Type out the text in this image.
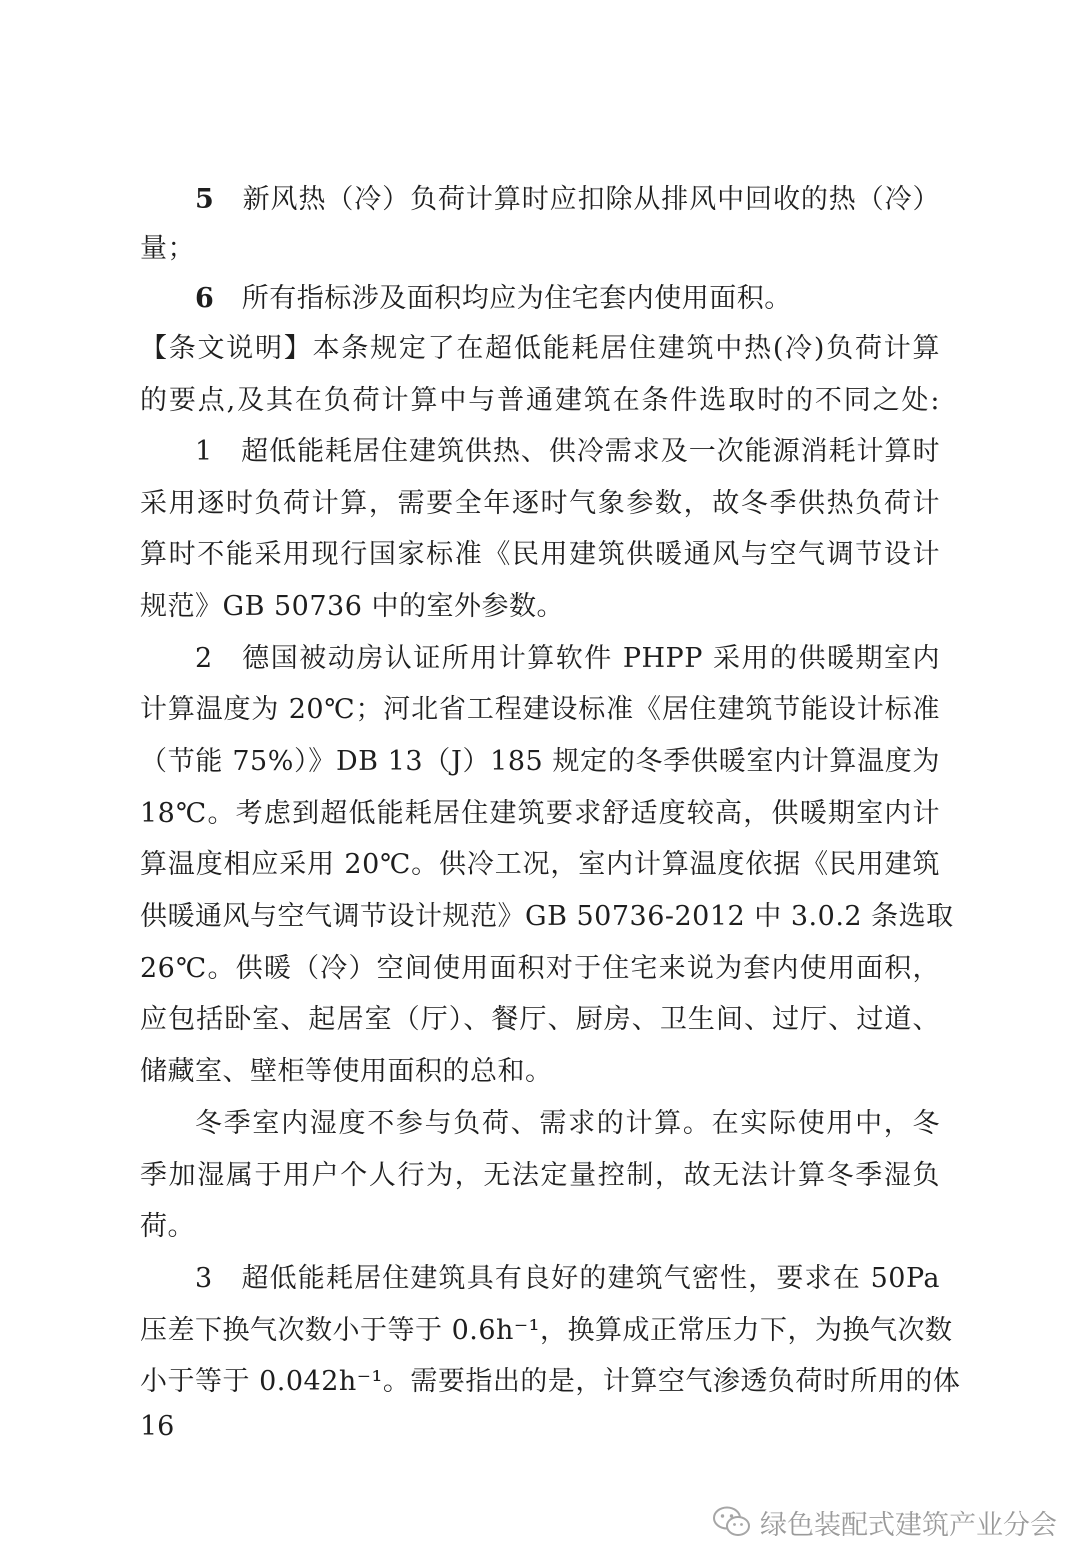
5　 新风热（冷）负荷计算时应扣除从排风中回收的热（冷）
量；
6　 所有指标涉及面积均应为住宅套内使用面积。
【条文说明】本条规定了在超低能耗居住建筑中热(冷)负荷计算
的要点,及其在负荷计算中与普通建筑在条件选取时的不同之处:
1　超低能耗居住建筑供热、供冷需求及一次能源消耗计算时
采用逐时负荷计算，需要全年逐时气象参数，故冬季供热负荷计
算时不能采用现行国家标准《民用建筑供暖通风与空气调节设计
规范》GB 50736 中的室外参数。
2　德国被动房认证所用计算软件 PHPP 采用的供暖期室内
计算温度为 20℃；河北省工程建设标准《居住建筑节能设计标准
（节能 75%）》DB 13（J）185 规定的冬季供暖室内计算温度为
18℃。考虑到超低能耗居住建筑要求舒适度较高，供暖期室内计
算温度相应采用 20℃。供冷工况，室内计算温度依据《民用建筑
供暖通风与空气调节设计规范》GB 50736-2012 中 3.0.2 条选取
26℃。供暖（冷）空间使用面积对于住宅来说为套内使用面积，
应包括卧室、起居室（厅）、餐厅、厨房、卫生间、过厅、过道、
储藏室、壁柜等使用面积的总和。
冬季室内湿度不参与负荷、需求的计算。在实际使用中，冬
季加湿属于用户个人行为，无法定量控制，故无法计算冬季湿负
荷。
3　超低能耗居住建筑具有良好的建筑气密性，要求在 50Pa
压差下换气次数小于等于 0.6h⁻¹，换算成正常压力下，为换气次数
小于等于 0.042h⁻¹。需要指出的是，计算空气渗透负荷时所用的体
16
绿色装配式建筑产业分会
